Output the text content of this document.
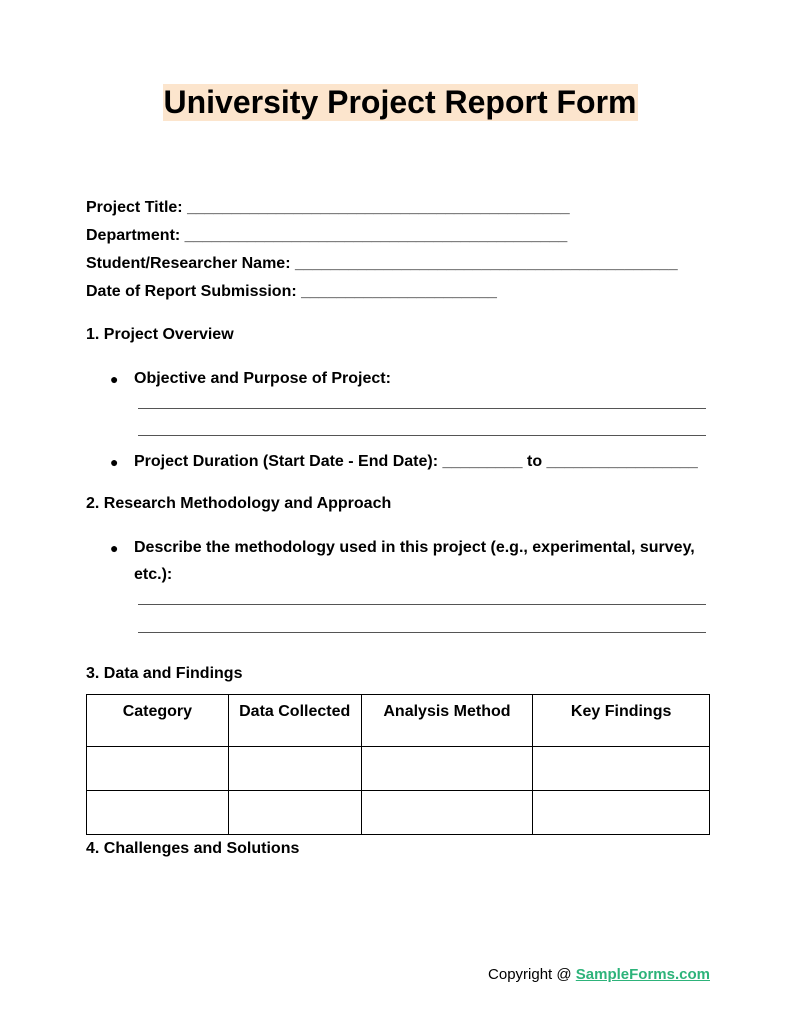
University Project Report Form
Project Title: ___________________________________________
Department: ___________________________________________
Student/Researcher Name: ___________________________________________
Date of Report Submission: ______________________
1. Project Overview
● Objective and Purpose of Project:
● Project Duration (Start Date - End Date): _________ to _________________
2. Research Methodology and Approach
● Describe the methodology used in this project (e.g., experimental, survey, etc.):
3. Data and Findings
Category	Data Collected	Analysis Method	Key Findings

4. Challenges and Solutions
Copyright @ SampleForms.com
